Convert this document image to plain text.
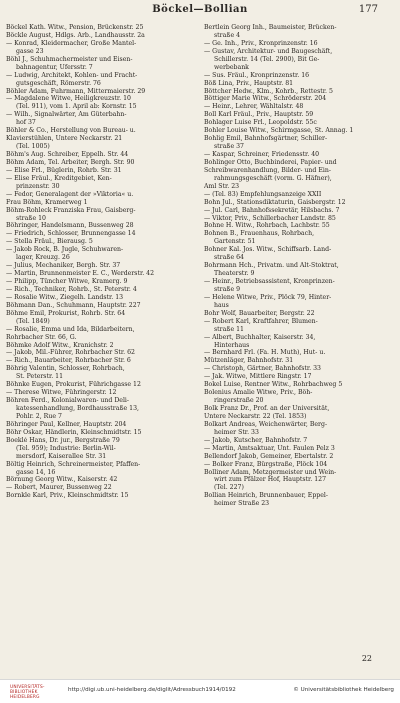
Böckel—Bollian	177
Böckel Kath. Witw., Pension, Brückenstr. 25
Böckle August, Hdlgs. Arb., Landhausstr. 2a
— Konrad, Kleidermacher, Große Mantel-
gasse 23
Böhl J., Schuhmachermeister und Eisen-
bahnagentur, Ufersstr. 7
— Ludwig, Architekt, Kohlen- und Fracht-
gutsgeschäft, Römerstr. 76
Böhler Adam, Fuhrmann, Mittermaierstr. 29
— Magdalene Witwe, Heiligkreuzstr. 10
(Tel. 911), vom 1. April ab: Kornstr. 15
— Wilh., Signalwärter, Am Güterbahn-
hof 37
Böhler & Co., Herstellung von Bureau- u.
Klavierstühlen, Untere Neckarstr. 21
(Tel. 1005)
Böhm's Aug. Schreiber, Eppelh. Str. 44
Böhm Adam, Tel. Arbeiter, Bergh. Str. 90
— Elise Frl., Büglerin, Rohrb. Str. 31
— Elise Fräul., Kreditgebiet, Ken-
prinzenstr. 30
— Fedor, Generalagent der »Viktoria« u.
Frau Böhm, Kramerweg 1
Böhm-Rohleck Franziska Frau, Gaisberg-
straße 10
Böhringer, Handelsmann, Bussenweg 28
— Friedrich, Schlosser, Brunnengasse 14
— Stella Fräul., Bierausg. 5
— Jakob Rock, B. Jugle, Schuhwaren-
lager, Kreuzg. 26
— Julius, Mechaniker, Bergh. Str. 37
— Martin, Brunnenmeister E. C., Werderstr. 42
— Philipp, Tüncher Witwe, Kramerg. 9
— Rich., Techniker, Rohrb., St. Peterstr. 4
— Rosalie Witw., Ziegelh. Landstr. 13
Böhmann Dan., Schuhmann, Hauptstr. 227
Böhme Emil, Prokurist, Rohrb. Str. 64
(Tel. 1849)
— Rosalie, Emma und Ida, Bildarbeitern,
Rohrbacher Str. 66, G.
Böhmke Adolf Witw., Kranichstr. 2
— Jakob, Mil.-Führer, Rohrbacher Str. 62
— Rich., Bauarbeiter, Rohrbacher Str. 6
Böhrig Valentin, Schlosser, Rohrbach,
St. Peterstr. 11
Böhnke Eugen, Prokurist, Führichgasse 12
— Therese Witwe, Führingerstr. 12
Böhren Ferd., Kolonialwaren- und Deli-
katessenhandlung, Bordhausstraße 13,
Pohlr. 2, Rue 7
Böhringer Paul, Kellner, Hauptstr. 204
Böhr Oskar, Händlerin, Kleinschmidtstr. 15
Boeklé Hans, Dr. jur., Bergstraße 79
(Tel. 959); Industrie: Berlin-Wil-
mersdorf, Kaiserallee Str. 31
Böltig Heinrich, Schreinermeister, Pfaffen-
gasse 14, 16
Börnung Georg Witw., Kaiserstr. 42
— Robert, Maurer, Bussenweg 22
Bornkle Karl, Priv., Kleinschmidtstr. 15
Bertlein Georg Inh., Baumeister, Brücken-
straße 4
— Ge. Inh., Priv., Kronprinzenstr. 16
— Gustav, Architektur- und Baugeschäft,
Schillerstr. 14 (Tel. 2900), Bit Ge-
werbebank
— Sus. Fräul., Kronprinzenstr. 16
Böß Lina, Priv., Hauptstr. 81
Böttcher Hedw., Klm., Kohrb., Rettestr. 5
Böttiger Marie Witw., Schröderstr. 204
— Heinr., Lehrer, Wähltalstr. 48
Boll Karl Fräul., Priv., Hauptstr. 59
Bohlager Luise Frl., Leopoldstr. 55c
Bohler Louise Witw., Schirmgasse, St. Annag. 1
Bohlig Emil, Bahnhofsgärtner, Schiller-
straße 37
— Kaspar, Schreiner, Friedensstr. 40
Bohlinger Otto, Buchbinderei, Papier- und
Schreibwarenhandlung, Bilder- und Ein-
rahmungsgeschäft (vorm. G. Häfner),
Aml Str. 23
— (Tel. 83) Empfehlungsanzeige XXII
Bohn Jul., Stationsdiktaturin, Gaisbergstr. 12
— Jul. Carl, Bahnhofssekretär, Hilsbachs. 7
— Viktor, Priv., Schillerbacher Landstr. 85
Bohne H. Witw., Rohrbach, Lachbstr. 55
Bohnen B., Frauenhaus, Rohrbach,
Gartenstr. 51
Bohner Kal. Jos. Witw., Schiffsarb. Land-
straße 64
Bohrmann Hch., Privatm. und Alt-Stoktrat,
Theaterstr. 9
— Heinr., Betriebsassistent, Kronprinzen-
straße 9
— Helene Witwe, Priv., Plöck 79, Hinter-
haus
Bohr Wolf, Bauarbeiter, Bergstr. 22
— Robert Karl, Kraftfahrer, Blumen-
straße 11
— Albert, Buchhalter, Kaiserstr. 34,
Hinterhaus
— Bernhard Frl. (Fa. H. Muth), Hut- u.
Mützenläger, Bahnhofstr. 31
— Christoph, Gärtner, Bahnhofstr. 33
— Jak. Witwe, Mittlere Ringstr. 17
Bokel Luise, Rentner Witw., Rohrbachweg 5
Bolenius Amalie Witwe, Priv., Böh-
ringerstraße 20
Bolk Franz Dr., Prof. an der Universität,
Untere Neckarstr. 22 (Tel. 1853)
Bolkart Andreas, Weichenwärter, Berg-
heimer Str. 33
— Jakob, Kutscher, Bahnhofstr. 7
— Martin, Amtsaktuar, Unt. Faulen Pelz 3
Bellendorf Jakob, Gemeiner, Ebertalstr. 2
— Bolker Franz, Bürgstraße, Plöck 104
Bolliner Adam, Metzgermeister und Wein-
wirt zum Pfälzer Hof, Hauptstr. 127
(Tel. 227)
Bollian Heinrich, Brunnenbauer, Eppel-
heimer Straße 23
22
UNIVERSITÄTS- BIBLIOTHEK HEIDELBERG
http://digi.ub.uni-heidelberg.de/diglit/Adressbuch1914/0192	© Universitätsbibliothek Heidelberg
